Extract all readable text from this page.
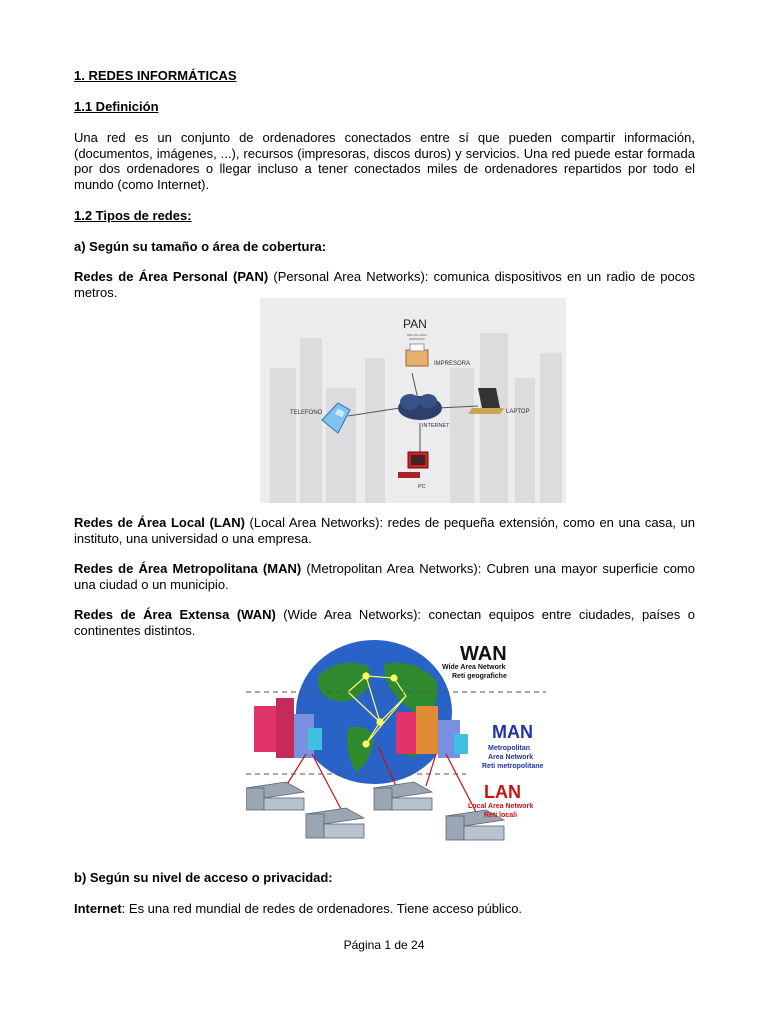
1. REDES INFORMÁTICAS

1.1 Definición

Una red es un conjunto de ordenadores conectados entre sí que pueden compartir información, (documentos, imágenes, ...), recursos (impresoras, discos duros) y servicios. Una red puede estar formada por dos ordenadores o llegar incluso a tener conectados miles de ordenadores repartidos por todo el mundo (como Internet).

1.2 Tipos de redes:

a) Según su tamaño o área de cobertura:

Redes de Área Personal (PAN) (Personal Area Networks): comunica dispositivos en un radio de pocos metros.

PAN
RED DE ÁREA
PERSONAL
IMPRESORA
INTERNET
TELEFONO	LAPTOP
PC

Redes de Área Local (LAN) (Local Area Networks): redes de pequeña extensión, como en una casa, un instituto, una universidad o una empresa.

Redes de Área Metropolitana (MAN) (Metropolitan Area Networks): Cubren una mayor superficie como una ciudad o un municipio.

Redes de Área Extensa (WAN) (Wide Area Networks): conectan equipos entre ciudades, países o continentes distintos.

WAN
Wide Area Network
Reti geografiche
MAN
Metropolitan
Area Network
Reti metropolitane
LAN
Local Area Network
Reti locali

b) Según su nivel de acceso o privacidad:

Internet: Es una red mundial de redes de ordenadores. Tiene acceso público.

Página 1 de 24
